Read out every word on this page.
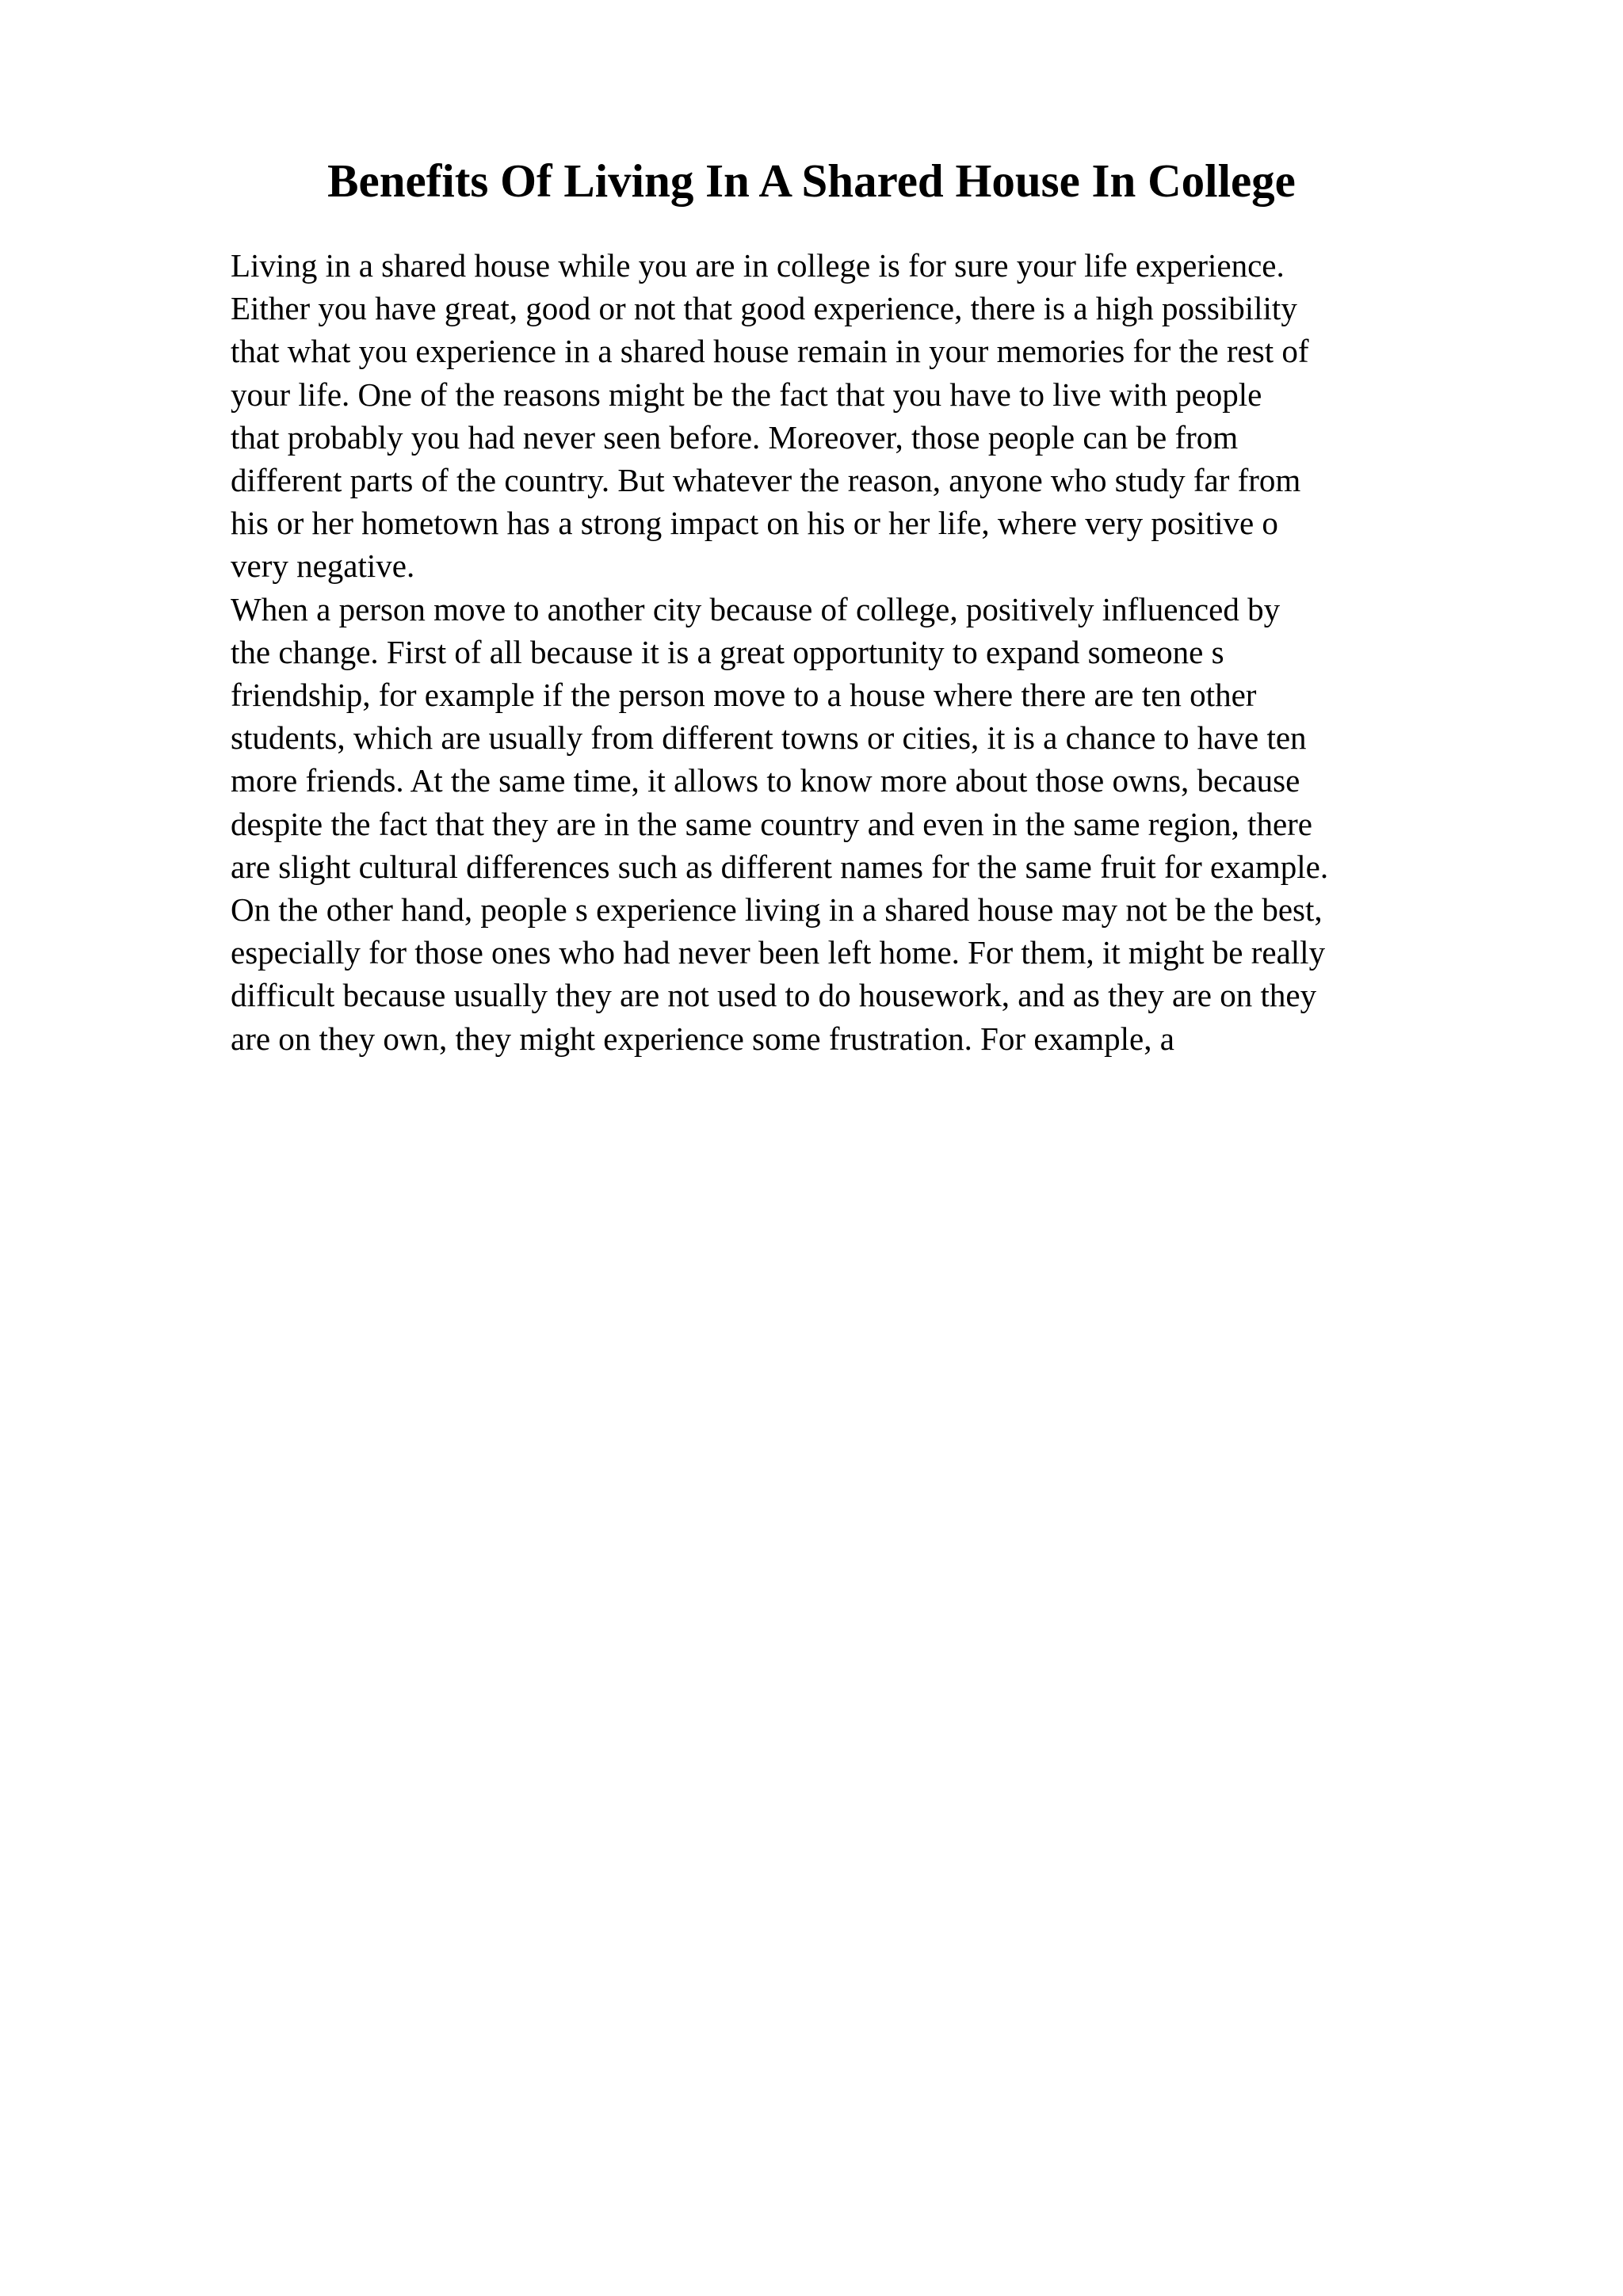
Benefits Of Living In A Shared House In College
Living in a shared house while you are in college is for sure your life experience.
Either you have great, good or not that good experience, there is a high possibility
that what you experience in a shared house remain in your memories for the rest of
your life. One of the reasons might be the fact that you have to live with people
that probably you had never seen before. Moreover, those people can be from
different parts of the country. But whatever the reason, anyone who study far from
his or her hometown has a strong impact on his or her life, where very positive o
very negative.
When a person move to another city because of college, positively influenced by
the change. First of all because it is a great opportunity to expand someone s
friendship, for example if the person move to a house where there are ten other
students, which are usually from different towns or cities, it is a chance to have ten
more friends. At the same time, it allows to know more about those owns, because
despite the fact that they are in the same country and even in the same region, there
are slight cultural differences such as different names for the same fruit for example.
On the other hand, people s experience living in a shared house may not be the best,
especially for those ones who had never been left home. For them, it might be really
difficult because usually they are not used to do housework, and as they are on they
are on they own, they might experience some frustration. For example, a
